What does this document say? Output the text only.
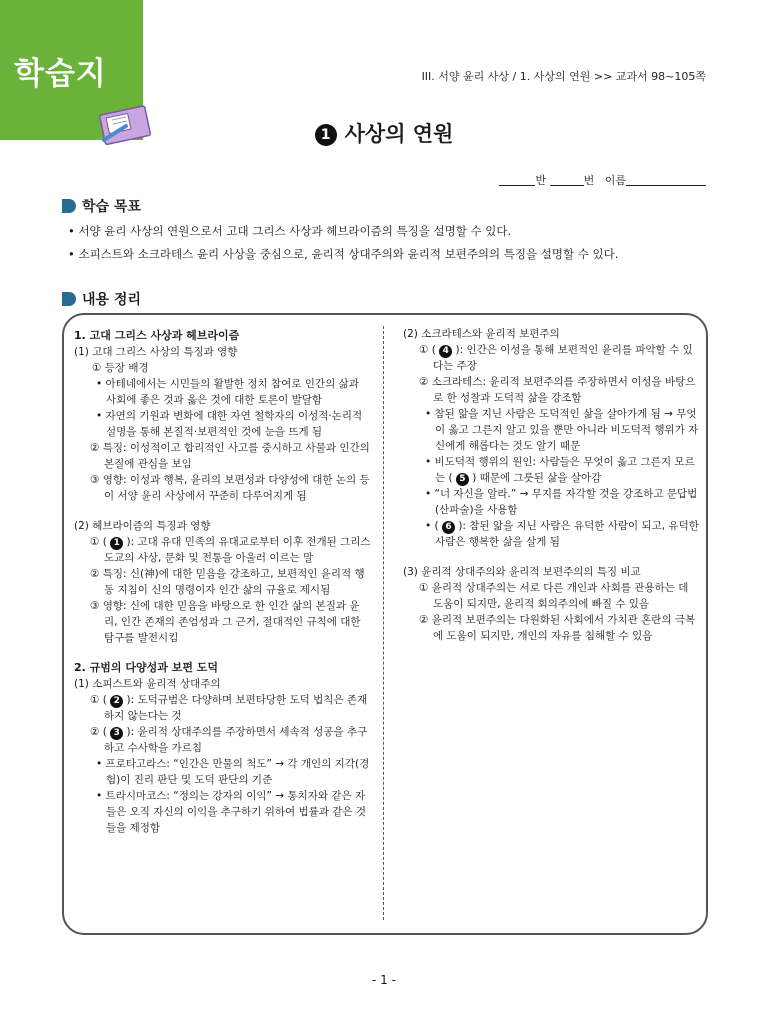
학습지	III. 서양 윤리 사상 / 1. 사상의 연원 >> 교과서 98~105쪽
1 사상의 연원
반	번 이름
학습 목표
• 서양 윤리 사상의 연원으로서 고대 그리스 사상과 헤브라이즘의 특징을 설명할 수 있다.
• 소피스트와 소크라테스 윤리 사상을 중심으로, 윤리적 상대주의와 윤리적 보편주의의 특징을 설명할 수 있다.
내용 정리
1. 고대 그리스 사상과 헤브라이즘
(1) 고대 그리스 사상의 특징과 영향
① 등장 배경
• 아테네에서는 시민들의 활발한 정치 참여로 인간의 삶과 사회에 좋은 것과 옳은 것에 대한 토론이 발달함
• 자연의 기원과 변화에 대한 자연 철학자의 이성적·논리적 설명을 통해 본질적·보편적인 것에 눈을 뜨게 됨
② 특징: 이성적이고 합리적인 사고를 중시하고 사물과 인간의 본질에 관심을 보임
③ 영향: 이성과 행복, 윤리의 보편성과 다양성에 대한 논의 등이 서양 윤리 사상에서 꾸준히 다루어지게 됨
(2) 헤브라이즘의 특징과 영향
① ( 1 ): 고대 유대 민족의 유대교로부터 이후 전개된 그리스도교의 사상, 문화 및 전통을 아울러 이르는 말
② 특징: 신(神)에 대한 믿음을 강조하고, 보편적인 윤리적 행동 지침이 신의 명령이자 인간 삶의 규율로 제시됨
③ 영향: 신에 대한 믿음을 바탕으로 한 인간 삶의 본질과 윤리, 인간 존재의 존엄성과 그 근거, 절대적인 규칙에 대한 탐구를 발전시킴
2. 규범의 다양성과 보편 도덕
(1) 소피스트와 윤리적 상대주의
① ( 2 ): 도덕규범은 다양하며 보편타당한 도덕 법칙은 존재하지 않는다는 것
② ( 3 ): 윤리적 상대주의를 주장하면서 세속적 성공을 추구하고 수사학을 가르침
• 프로타고라스: “인간은 만물의 척도” → 각 개인의 지각(경험)이 진리 판단 및 도덕 판단의 기준
• 트라시마코스: “정의는 강자의 이익” → 통치자와 같은 자들은 오직 자신의 이익을 추구하기 위하여 법률과 같은 것들을 제정함
(2) 소크라테스와 윤리적 보편주의
① ( 4 ): 인간은 이성을 통해 보편적인 윤리를 파악할 수 있다는 주장
② 소크라테스: 윤리적 보편주의를 주장하면서 이성을 바탕으로 한 성찰과 도덕적 삶을 강조함
• 참된 앎을 지닌 사람은 도덕적인 삶을 살아가게 됨 → 무엇이 옳고 그른지 알고 있을 뿐만 아니라 비도덕적 행위가 자신에게 해롭다는 것도 알기 때문
• 비도덕적 행위의 원인: 사람들은 무엇이 옳고 그른지 모르는 ( 5 ) 때문에 그릇된 삶을 살아감
• “너 자신을 알라.” → 무지를 자각할 것을 강조하고 문답법(산파술)을 사용함
• ( 6 ): 참된 앎을 지닌 사람은 유덕한 사람이 되고, 유덕한 사람은 행복한 삶을 살게 됨
(3) 윤리적 상대주의와 윤리적 보편주의의 특징 비교
① 윤리적 상대주의는 서로 다른 개인과 사회를 관용하는 데 도움이 되지만, 윤리적 회의주의에 빠질 수 있음
② 윤리적 보편주의는 다원화된 사회에서 가치관 혼란의 극복에 도움이 되지만, 개인의 자유를 침해할 수 있음
- 1 -
